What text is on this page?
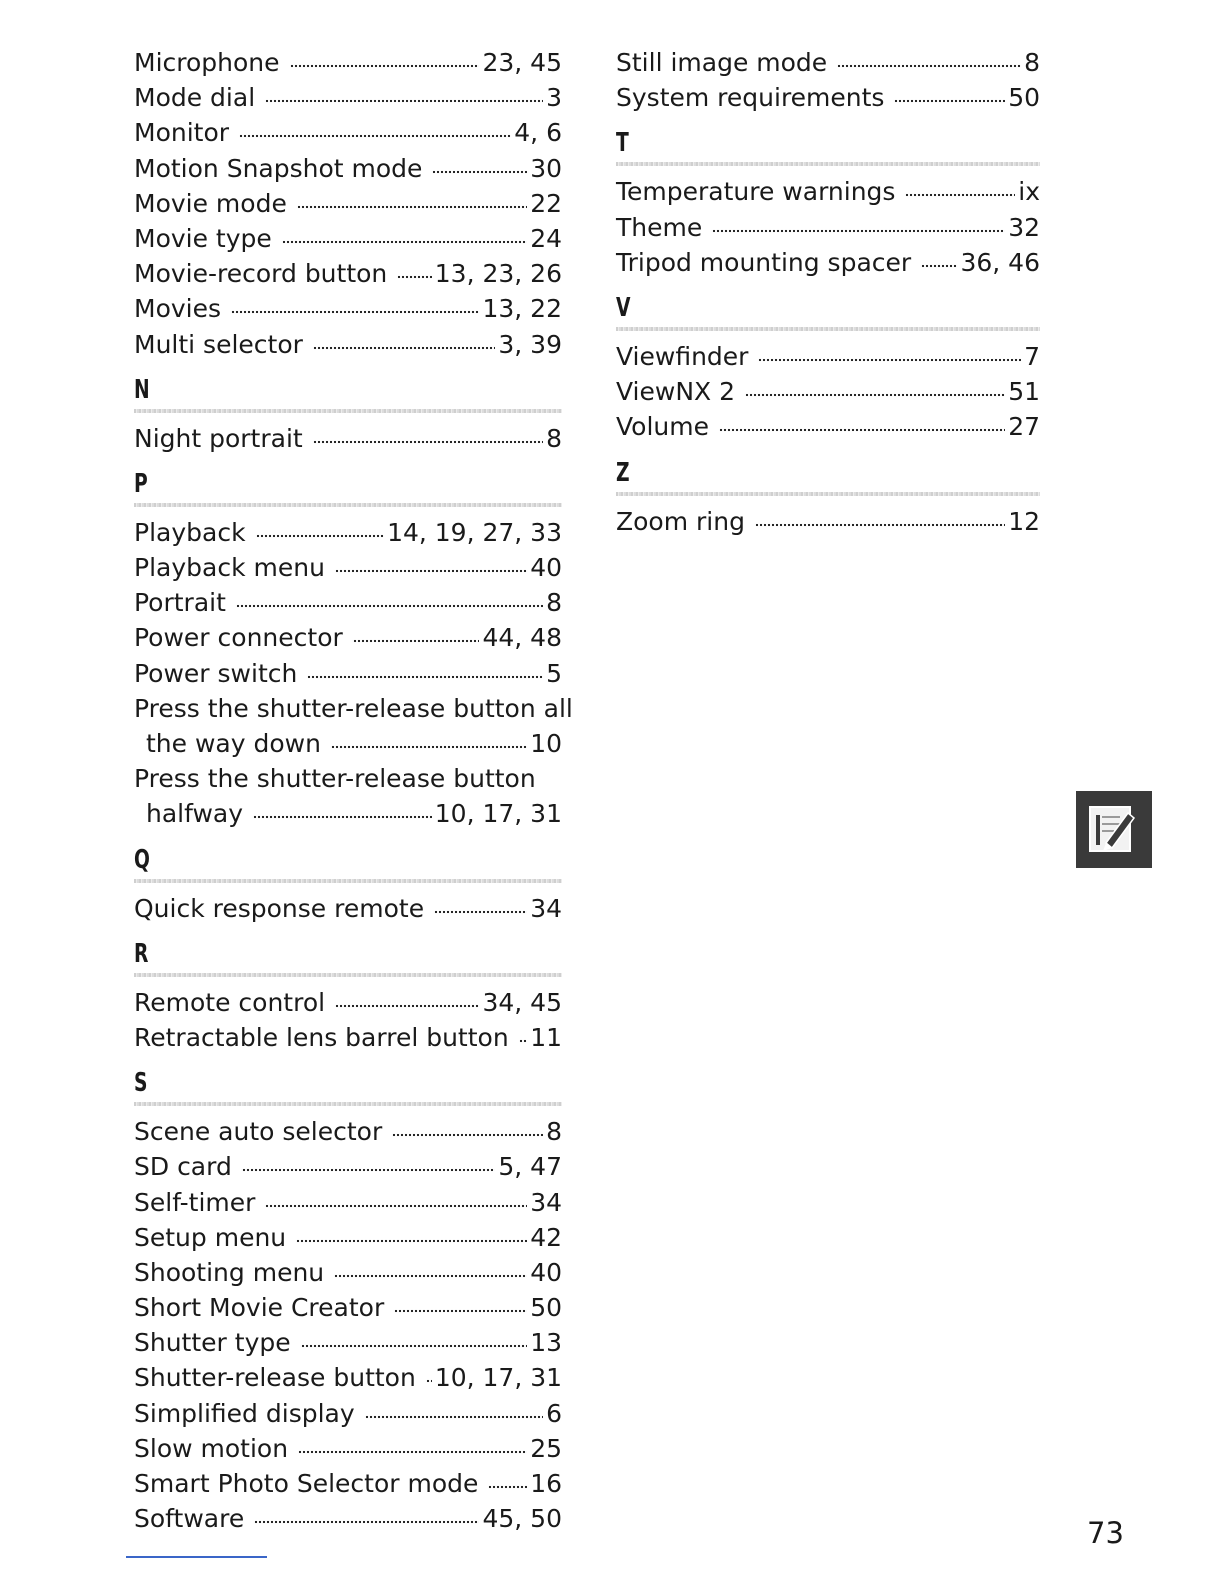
Microphone	23, 45
Mode dial	3
Monitor	4, 6
Motion Snapshot mode	30
Movie mode	22
Movie type	24
Movie-record button 13, 23, 26
Movies	13, 22
Multi selector	3, 39
N
Night portrait	8
P
Playback	14, 19, 27, 33
Playback menu	40
Portrait	8
Power connector	44, 48
Power switch	5
Press the shutter-release button all
the way down	10
Press the shutter-release button
halfway	10, 17, 31
Q
Quick response remote	34
R
Remote control	34, 45
Retractable lens barrel button 11
S
Scene auto selector	8
SD card	5, 47
Self-timer	34
Setup menu	42
Shooting menu	40
Short Movie Creator	50
Shutter type	13
Shutter-release button 10, 17, 31
Simplified display	6
Slow motion	25
Smart Photo Selector mode 16
Software	45, 50
Still image mode	8
System requirements	50
T
Temperature warnings	ix
Theme	32
Tripod mounting spacer 36, 46
V
Viewfinder	7
ViewNX 2	51
Volume	27
Z
Zoom ring	12
73
